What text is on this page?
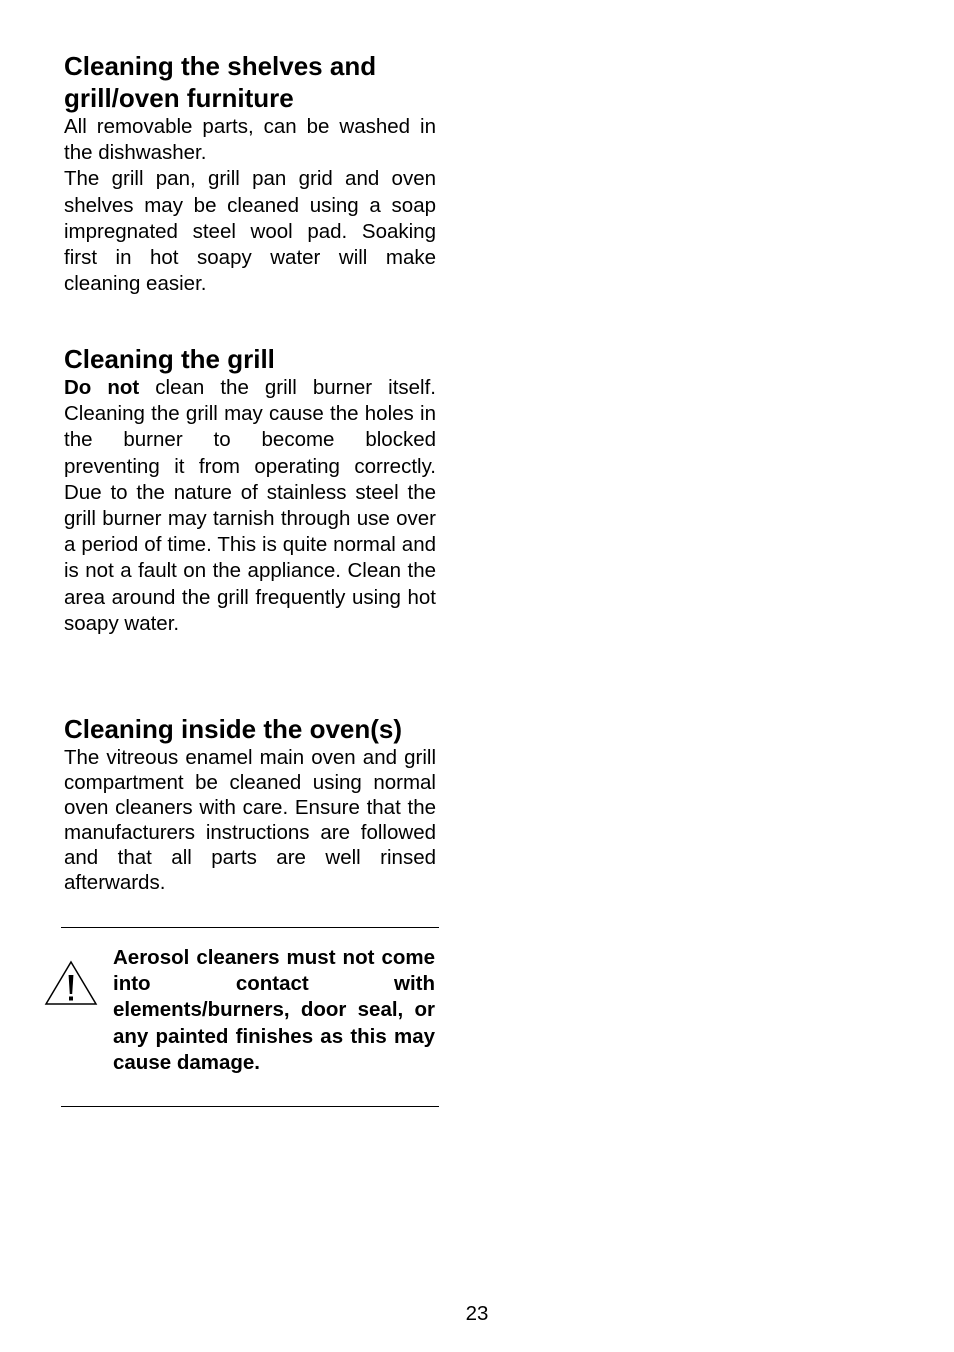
Cleaning the shelves and
grill/oven furniture

All removable parts, can be washed in the dishwasher.

The grill pan, grill pan grid and oven shelves may be cleaned using a soap impregnated steel wool pad. Soaking first in hot soapy water will make cleaning easier.

Cleaning the grill

Do not clean the grill burner itself. Cleaning the grill may cause the holes in the burner to become blocked preventing it from operating correctly. Due to the nature of stainless steel the grill burner may tarnish through use over a period of time. This is quite normal and is not a fault on the appliance. Clean the area around the grill frequently using hot soapy water.

Cleaning inside the oven(s)

The vitreous enamel main oven and grill compartment be cleaned using normal oven cleaners with care. Ensure that the manufacturers instructions are followed and that all parts are well rinsed afterwards.

Aerosol cleaners must not come into contact with elements/burners, door seal, or any painted finishes as this may cause damage.
23
